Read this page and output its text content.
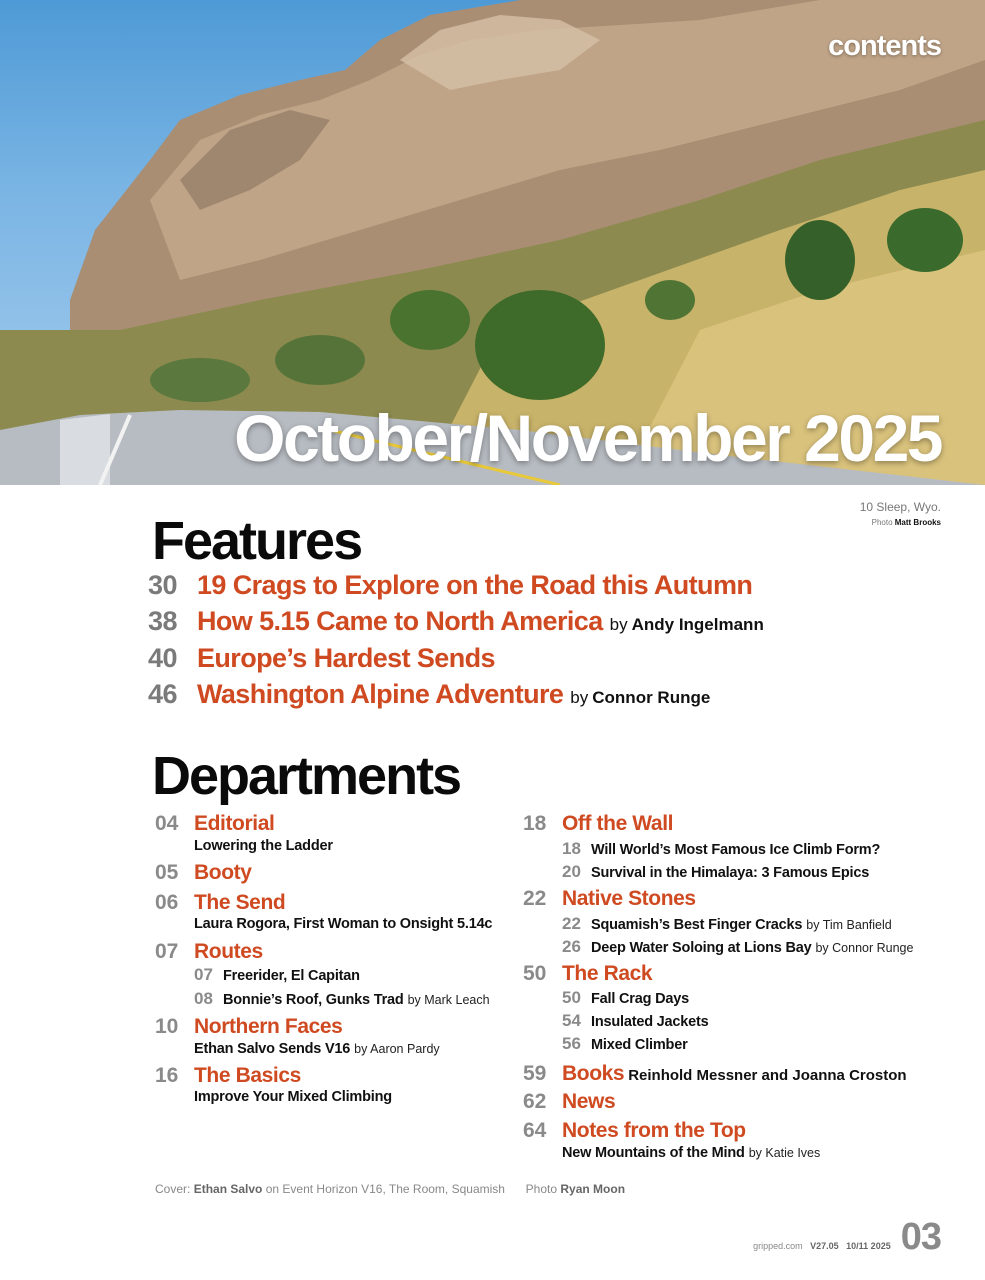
contents
October/November 2025
10 Sleep, Wyo.
Photo Matt Brooks
Features
30 19 Crags to Explore on the Road this Autumn
38 How 5.15 Came to North America by Andy Ingelmann
40 Europe’s Hardest Sends
46 Washington Alpine Adventure by Connor Runge
Departments
04 Editorial
Lowering the Ladder
05 Booty
06 The Send
Laura Rogora, First Woman to Onsight 5.14c
07 Routes
07 Freerider, El Capitan
08 Bonnie’s Roof, Gunks Trad by Mark Leach
10 Northern Faces
Ethan Salvo Sends V16 by Aaron Pardy
16 The Basics
Improve Your Mixed Climbing
18 Off the Wall
18 Will World’s Most Famous Ice Climb Form?
20 Survival in the Himalaya: 3 Famous Epics
22 Native Stones
22 Squamish’s Best Finger Cracks by Tim Banfield
26 Deep Water Soloing at Lions Bay by Connor Runge
50 The Rack
50 Fall Crag Days
54 Insulated Jackets
56 Mixed Climber
59 Books Reinhold Messner and Joanna Croston
62 News
64 Notes from the Top
New Mountains of the Mind by Katie Ives
Cover: Ethan Salvo on Event Horizon V16, The Room, Squamish Photo Ryan Moon
gripped.com V27.05 10/11 2025 03
